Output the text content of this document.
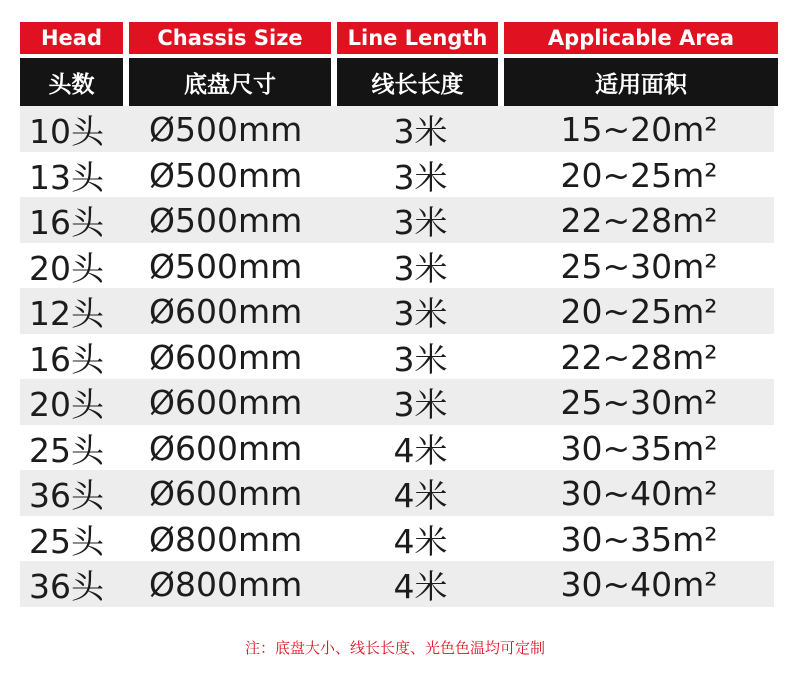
Head	Chassis Size	Line Length	Applicable Area
头数	底盘尺寸	线长长度	适用面积
10头	Ø500mm	3米	15~20m²
13头	Ø500mm	3米	20~25m²
16头	Ø500mm	3米	22~28m²
20头	Ø500mm	3米	25~30m²
12头	Ø600mm	3米	20~25m²
16头	Ø600mm	3米	22~28m²
20头	Ø600mm	3米	25~30m²
25头	Ø600mm	4米	30~35m²
36头	Ø600mm	4米	30~40m²
25头	Ø800mm	4米	30~35m²
36头	Ø800mm	4米	30~40m²
注：底盘大小、线长长度、光色色温均可定制
